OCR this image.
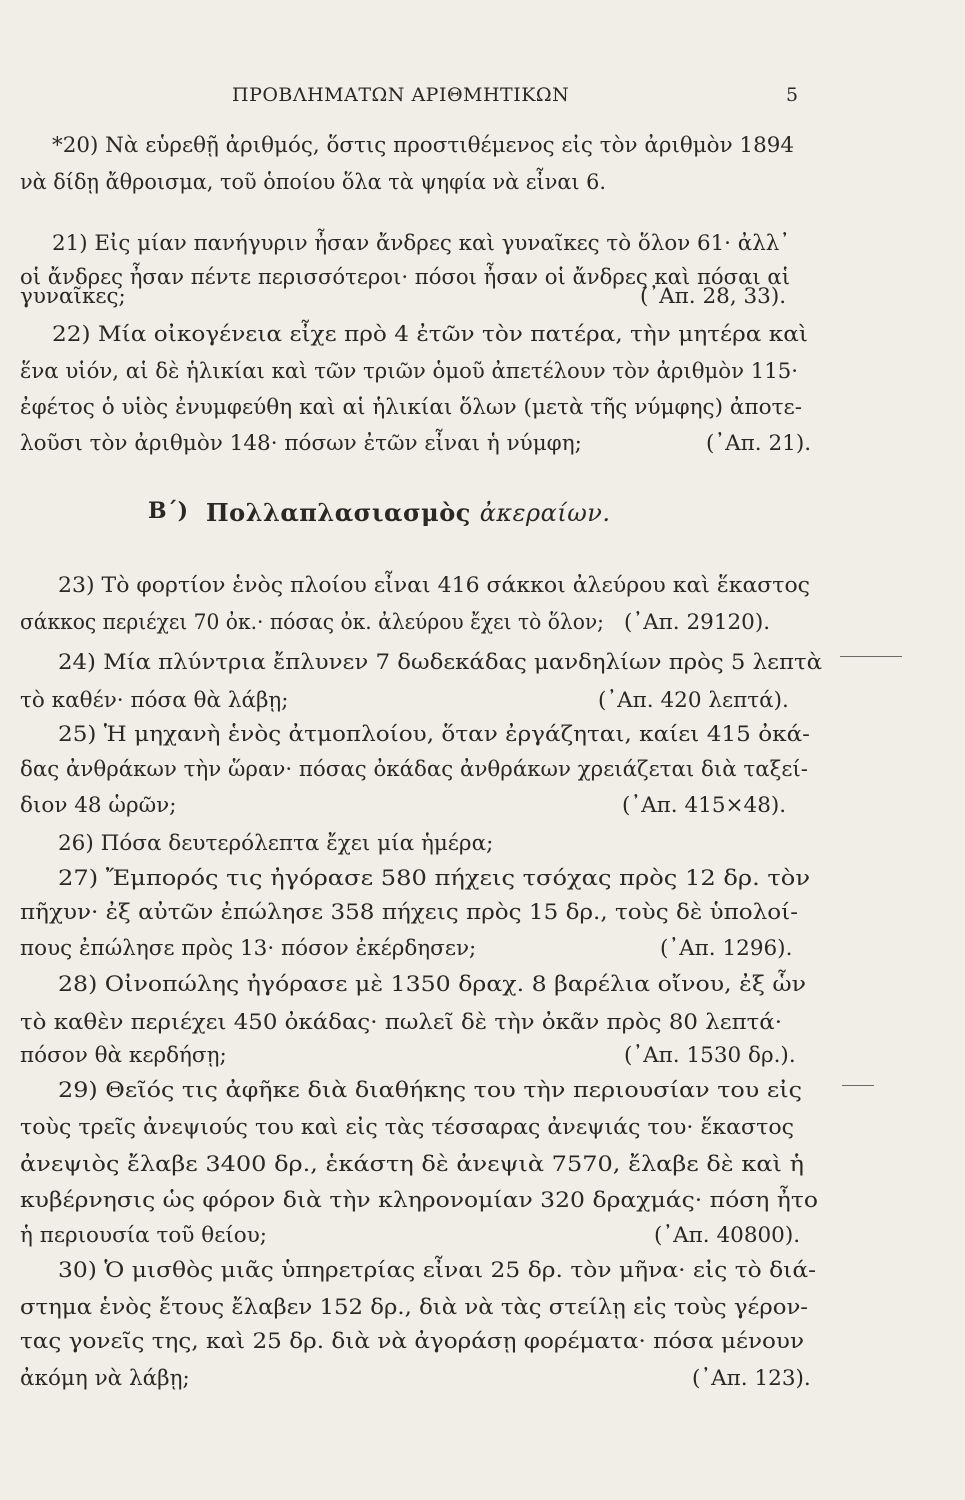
ΠΡΟΒΛΗΜΑΤΩΝ ΑΡΙΘΜΗΤΙΚΩΝ	5
*20) Νὰ εὑρεθῇ ἀριθμός, ὅστις προστιθέμενος εἰς τὸν ἀριθμὸν 1894
νὰ δίδῃ ἄθροισμα, τοῦ ὁποίου ὅλα τὰ ψηφία νὰ εἶναι 6.
21) Εἰς μίαν πανήγυριν ἦσαν ἄνδρες καὶ γυναῖκες τὸ ὅλον 61· ἀλλ᾽
οἱ ἄνδρες ἦσαν πέντε περισσότεροι· πόσοι ἦσαν οἱ ἄνδρες καὶ πόσαι αἱ
γυναῖκες;	(᾽Απ. 28, 33).
22) Μία οἰκογένεια εἶχε πρὸ 4 ἐτῶν τὸν πατέρα, τὴν μητέρα καὶ
ἕνα υἱόν, αἱ δὲ ἡλικίαι καὶ τῶν τριῶν ὁμοῦ ἀπετέλουν τὸν ἀριθμὸν 115·
ἐφέτος ὁ υἱὸς ἐνυμφεύθη καὶ αἱ ἡλικίαι ὅλων (μετὰ τῆς νύμφης) ἀποτε-
λοῦσι τὸν ἀριθμὸν 148· πόσων ἐτῶν εἶναι ἡ νύμφη;	(᾽Απ. 21).
23) Τὸ φορτίον ἑνὸς πλοίου εἶναι 416 σάκκοι ἀλεύρου καὶ ἕκαστος
σάκκος περιέχει 70 ὀκ.· πόσας ὀκ. ἀλεύρου ἔχει τὸ ὅλον; (᾽Απ. 29120).
24) Μία πλύντρια ἔπλυνεν 7 δωδεκάδας μανδηλίων πρὸς 5 λεπτὰ
τὸ καθέν· πόσα θὰ λάβῃ;	(᾽Απ. 420 λεπτά).
25) Ἡ μηχανὴ ἑνὸς ἀτμοπλοίου, ὅταν ἐργάζηται, καίει 415 ὀκά-
δας ἀνθράκων τὴν ὥραν· πόσας ὀκάδας ἀνθράκων χρειάζεται διὰ ταξεί-
διον 48 ὡρῶν;	(᾽Απ. 415×48).
26) Πόσα δευτερόλεπτα ἔχει μία ἡμέρα;
27) Ἔμπορός τις ἠγόρασε 580 πήχεις τσόχας πρὸς 12 δρ. τὸν
πῆχυν· ἐξ αὐτῶν ἐπώλησε 358 πήχεις πρὸς 15 δρ., τοὺς δὲ ὑπολοί-
πους ἐπώλησε πρὸς 13· πόσον ἐκέρδησεν;	(᾽Απ. 1296).
28) Οἰνοπώλης ἠγόρασε μὲ 1350 δραχ. 8 βαρέλια οἴνου, ἐξ ὧν
τὸ καθὲν περιέχει 450 ὀκάδας· πωλεῖ δὲ τὴν ὀκᾶν πρὸς 80 λεπτά·
πόσον θὰ κερδήσῃ;	(᾽Απ. 1530 δρ.).
29) Θεῖός τις ἀφῆκε διὰ διαθήκης του τὴν περιουσίαν του εἰς
τοὺς τρεῖς ἀνεψιούς του καὶ εἰς τὰς τέσσαρας ἀνεψιάς του· ἕκαστος
ἀνεψιὸς ἔλαβε 3400 δρ., ἑκάστη δὲ ἀνεψιὰ 7570, ἔλαβε δὲ καὶ ἡ
κυβέρνησις ὡς φόρον διὰ τὴν κληρονομίαν 320 δραχμάς· πόση ἦτο
ἡ περιουσία τοῦ θείου;	(᾽Απ. 40800).
30) Ὁ μισθὸς μιᾶς ὑπηρετρίας εἶναι 25 δρ. τὸν μῆνα· εἰς τὸ διά-
στημα ἑνὸς ἔτους ἔλαβεν 152 δρ., διὰ νὰ τὰς στείλῃ εἰς τοὺς γέρον-
τας γονεῖς της, καὶ 25 δρ. διὰ νὰ ἀγοράσῃ φορέματα· πόσα μένουν
ἀκόμη νὰ λάβῃ;	(᾽Απ. 123).
Β΄) Πολλαπλασιασμὸς ἀκεραίων.
